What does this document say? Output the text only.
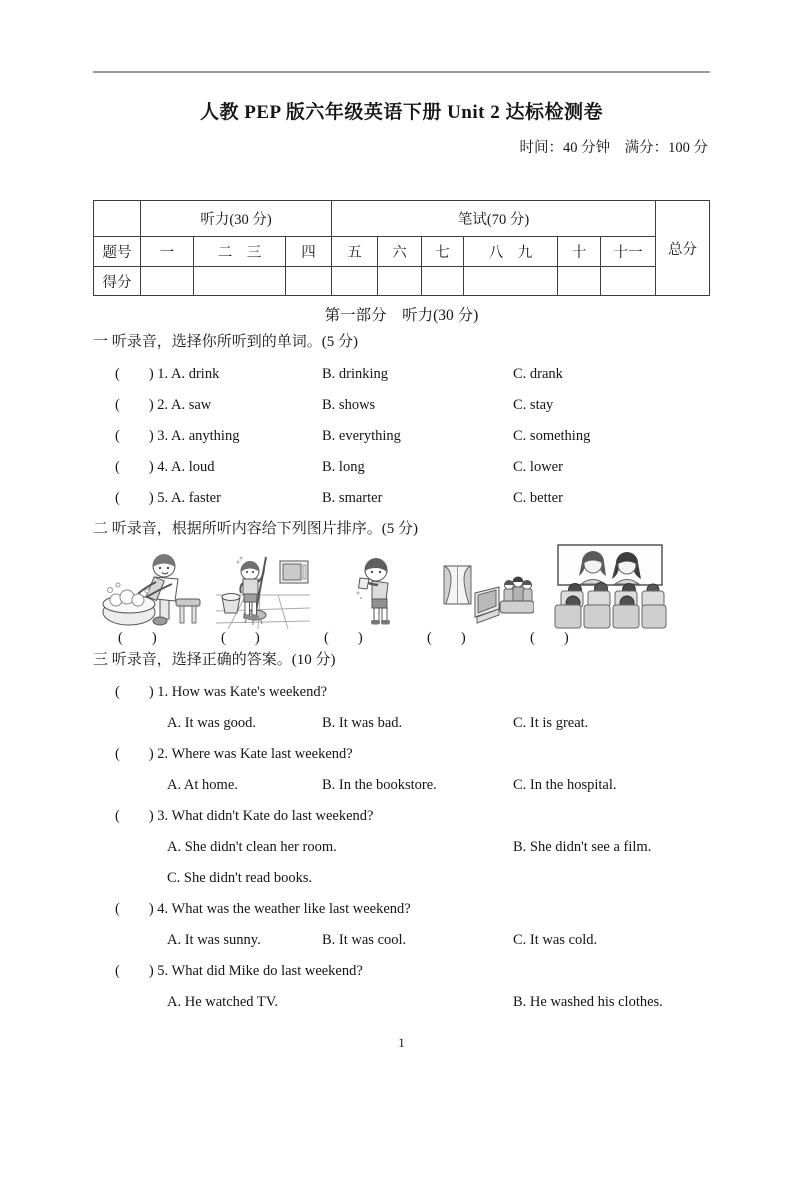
人教 PEP 版六年级英语下册 Unit 2 达标检测卷
时间：40 分钟　满分：100 分
	听力(30 分)			笔试(70 分)						总分
题号	一	二　三	四	五	六	七	八　九	十	十一	
得分										
第一部分　听力(30 分)
一 听录音，选择你所听到的单词。(5 分)
(        ) 1. A. drink	B. drinking	C. drank
(        ) 2. A. saw	B. shows	C. stay
(        ) 3. A. anything	B. everything	C. something
(        ) 4. A. loud	B. long	C. lower
(        ) 5. A. faster	B. smarter	C. better
二 听录音，根据所听内容给下列图片排序。(5 分)
(        )	(        )	(        )	(        )	(        )
三 听录音，选择正确的答案。(10 分)
(        ) 1. How was Kate's weekend?
A. It was good.	B. It was bad.	C. It is great.
(        ) 2. Where was Kate last weekend?
A. At home.	B. In the bookstore.	C. In the hospital.
(        ) 3. What didn't Kate do last weekend?
A. She didn't clean her room.	B. She didn't see a film.
C. She didn't read books.
(        ) 4. What was the weather like last weekend?
A. It was sunny.	B. It was cool.	C. It was cold.
(        ) 5. What did Mike do last weekend?
A. He watched TV.	B. He washed his clothes.
1
